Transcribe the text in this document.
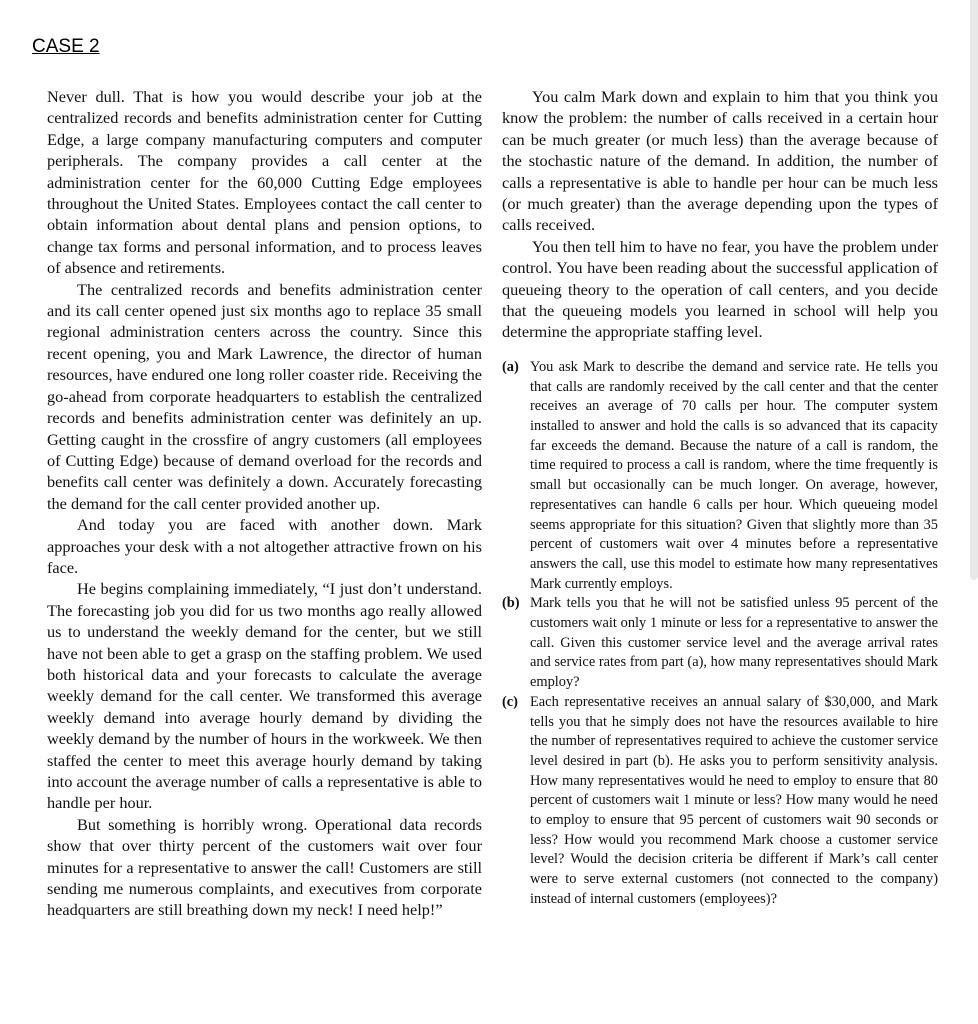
CASE 2

Never dull. That is how you would describe your job at the centralized records and benefits administration center for Cutting Edge, a large company manufacturing computers and computer peripherals. The company provides a call center at the administration center for the 60,000 Cutting Edge employees throughout the United States. Employees contact the call center to obtain information about dental plans and pension options, to change tax forms and personal information, and to process leaves of absence and retirements.

The centralized records and benefits administration center and its call center opened just six months ago to replace 35 small regional administration centers across the country. Since this recent opening, you and Mark Lawrence, the director of human resources, have endured one long roller coaster ride. Receiving the go-ahead from corporate headquarters to establish the centralized records and benefits administration center was definitely an up. Getting caught in the crossfire of angry customers (all employees of Cutting Edge) because of demand overload for the records and benefits call center was definitely a down. Accurately forecasting the demand for the call center provided another up.

And today you are faced with another down. Mark approaches your desk with a not altogether attractive frown on his face.

He begins complaining immediately, “I just don’t understand. The forecasting job you did for us two months ago really allowed us to understand the weekly demand for the center, but we still have not been able to get a grasp on the staffing problem. We used both historical data and your forecasts to calculate the average weekly demand for the call center. We transformed this average weekly demand into average hourly demand by dividing the weekly demand by the number of hours in the workweek. We then staffed the center to meet this average hourly demand by taking into account the average number of calls a representative is able to handle per hour.

But something is horribly wrong. Operational data records show that over thirty percent of the customers wait over four minutes for a representative to answer the call! Customers are still sending me numerous complaints, and executives from corporate headquarters are still breathing down my neck! I need help!”

You calm Mark down and explain to him that you think you know the problem: the number of calls received in a certain hour can be much greater (or much less) than the average because of the stochastic nature of the demand. In addition, the number of calls a representative is able to handle per hour can be much less (or much greater) than the average depending upon the types of calls received.

You then tell him to have no fear, you have the problem under control. You have been reading about the successful application of queueing theory to the operation of call centers, and you decide that the queueing models you learned in school will help you determine the appropriate staffing level.

(a) You ask Mark to describe the demand and service rate. He tells you that calls are randomly received by the call center and that the center receives an average of 70 calls per hour. The computer system installed to answer and hold the calls is so advanced that its capacity far exceeds the demand. Because the nature of a call is random, the time required to process a call is random, where the time frequently is small but occasionally can be much longer. On average, however, representatives can handle 6 calls per hour. Which queueing model seems appropriate for this situation? Given that slightly more than 35 percent of customers wait over 4 minutes before a representative answers the call, use this model to estimate how many representatives Mark currently employs.
(b) Mark tells you that he will not be satisfied unless 95 percent of the customers wait only 1 minute or less for a representative to answer the call. Given this customer service level and the average arrival rates and service rates from part (a), how many representatives should Mark employ?
(c) Each representative receives an annual salary of $30,000, and Mark tells you that he simply does not have the resources available to hire the number of representatives required to achieve the customer service level desired in part (b). He asks you to perform sensitivity analysis. How many representatives would he need to employ to ensure that 80 percent of customers wait 1 minute or less? How many would he need to employ to ensure that 95 percent of customers wait 90 seconds or less? How would you recommend Mark choose a customer service level? Would the decision criteria be different if Mark’s call center were to serve external customers (not connected to the company) instead of internal customers (employees)?
